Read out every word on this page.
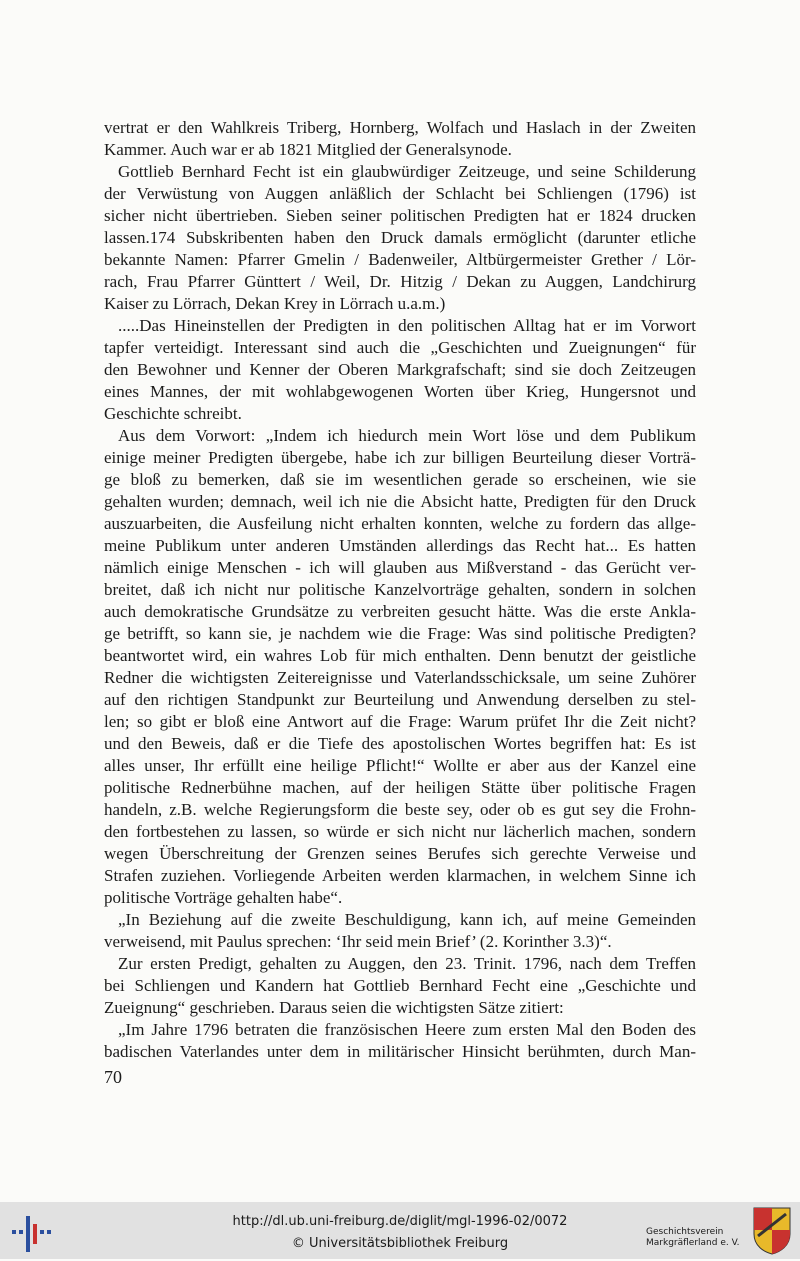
vertrat er den Wahlkreis Triberg, Hornberg, Wolfach und Haslach in der Zweiten
Kammer. Auch war er ab 1821 Mitglied der Generalsynode.
Gottlieb Bernhard Fecht ist ein glaubwürdiger Zeitzeuge, und seine Schilderung
der Verwüstung von Auggen anläßlich der Schlacht bei Schliengen (1796) ist
sicher nicht übertrieben. Sieben seiner politischen Predigten hat er 1824 drucken
lassen.174 Subskribenten haben den Druck damals ermöglicht (darunter etliche
bekannte Namen: Pfarrer Gmelin / Badenweiler, Altbürgermeister Grether / Lör-
rach, Frau Pfarrer Günttert / Weil, Dr. Hitzig / Dekan zu Auggen, Landchirurg
Kaiser zu Lörrach, Dekan Krey in Lörrach u.a.m.)
.....Das Hineinstellen der Predigten in den politischen Alltag hat er im Vorwort
tapfer verteidigt. Interessant sind auch die „Geschichten und Zueignungen“ für
den Bewohner und Kenner der Oberen Markgrafschaft; sind sie doch Zeitzeugen
eines Mannes, der mit wohlabgewogenen Worten über Krieg, Hungersnot und
Geschichte schreibt.
Aus dem Vorwort: „Indem ich hiedurch mein Wort löse und dem Publikum
einige meiner Predigten übergebe, habe ich zur billigen Beurteilung dieser Vorträ-
ge bloß zu bemerken, daß sie im wesentlichen gerade so erscheinen, wie sie
gehalten wurden; demnach, weil ich nie die Absicht hatte, Predigten für den Druck
auszuarbeiten, die Ausfeilung nicht erhalten konnten, welche zu fordern das allge-
meine Publikum unter anderen Umständen allerdings das Recht hat... Es hatten
nämlich einige Menschen - ich will glauben aus Mißverstand - das Gerücht ver-
breitet, daß ich nicht nur politische Kanzelvorträge gehalten, sondern in solchen
auch demokratische Grundsätze zu verbreiten gesucht hätte. Was die erste Ankla-
ge betrifft, so kann sie, je nachdem wie die Frage: Was sind politische Predigten?
beantwortet wird, ein wahres Lob für mich enthalten. Denn benutzt der geistliche
Redner die wichtigsten Zeitereignisse und Vaterlandsschicksale, um seine Zuhörer
auf den richtigen Standpunkt zur Beurteilung und Anwendung derselben zu stel-
len; so gibt er bloß eine Antwort auf die Frage: Warum prüfet Ihr die Zeit nicht?
und den Beweis, daß er die Tiefe des apostolischen Wortes begriffen hat: Es ist
alles unser, Ihr erfüllt eine heilige Pflicht!“ Wollte er aber aus der Kanzel eine
politische Rednerbühne machen, auf der heiligen Stätte über politische Fragen
handeln, z.B. welche Regierungsform die beste sey, oder ob es gut sey die Frohn-
den fortbestehen zu lassen, so würde er sich nicht nur lächerlich machen, sondern
wegen Überschreitung der Grenzen seines Berufes sich gerechte Verweise und
Strafen zuziehen. Vorliegende Arbeiten werden klarmachen, in welchem Sinne ich
politische Vorträge gehalten habe“.
„In Beziehung auf die zweite Beschuldigung, kann ich, auf meine Gemeinden
verweisend, mit Paulus sprechen: ‘Ihr seid mein Brief’ (2. Korinther 3.3)“.
Zur ersten Predigt, gehalten zu Auggen, den 23. Trinit. 1796, nach dem Treffen
bei Schliengen und Kandern hat Gottlieb Bernhard Fecht eine „Geschichte und
Zueignung“ geschrieben. Daraus seien die wichtigsten Sätze zitiert:
„Im Jahre 1796 betraten die französischen Heere zum ersten Mal den Boden des
badischen Vaterlandes unter dem in militärischer Hinsicht berühmten, durch Man-
70
http://dl.ub.uni-freiburg.de/diglit/mgl-1996-02/0072
© Universitätsbibliothek Freiburg
Geschichtsverein
Markgräflerland e. V.
